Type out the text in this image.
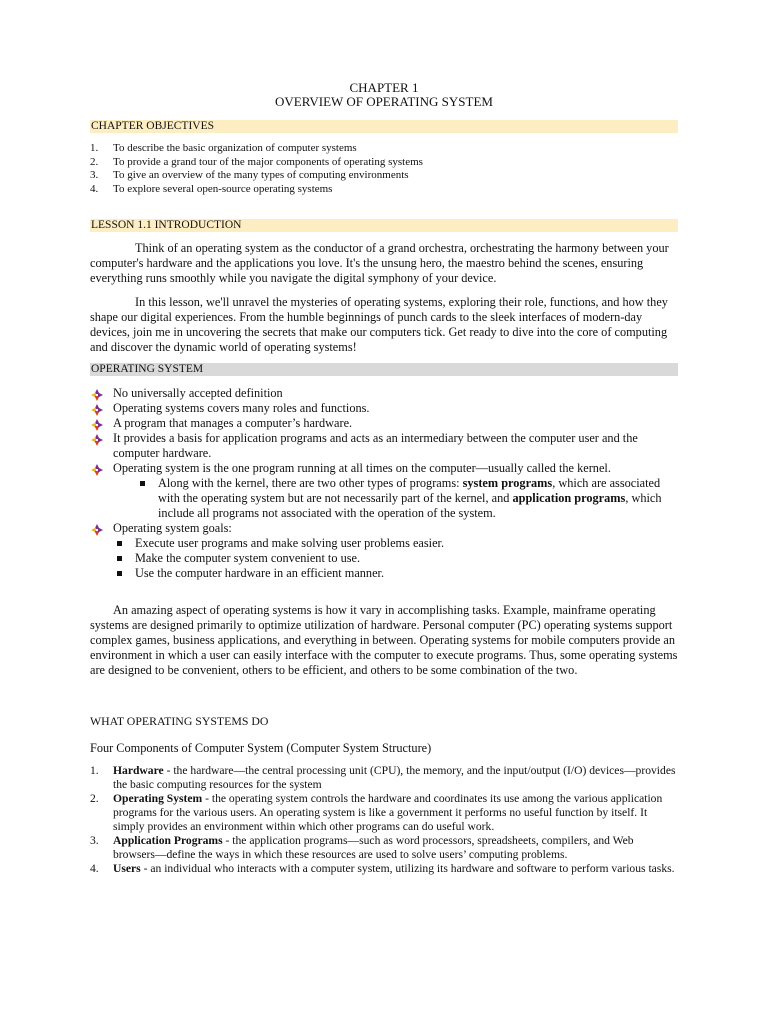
CHAPTER 1
OVERVIEW OF OPERATING SYSTEM
CHAPTER OBJECTIVES
1. To describe the basic organization of computer systems
2. To provide a grand tour of the major components of operating systems
3. To give an overview of the many types of computing environments
4. To explore several open-source operating systems
LESSON 1.1 INTRODUCTION

Think of an operating system as the conductor of a grand orchestra, orchestrating the harmony between your computer's hardware and the applications you love. It's the unsung hero, the maestro behind the scenes, ensuring everything runs smoothly while you navigate the digital symphony of your device.

In this lesson, we'll unravel the mysteries of operating systems, exploring their role, functions, and how they shape our digital experiences. From the humble beginnings of punch cards to the sleek interfaces of modern-day devices, join me in uncovering the secrets that make our computers tick. Get ready to dive into the core of computing and discover the dynamic world of operating systems!

OPERATING SYSTEM
No universally accepted definition
Operating systems covers many roles and functions.
A program that manages a computer’s hardware.
It provides a basis for application programs and acts as an intermediary between the computer user and the computer hardware.
Operating system is the one program running at all times on the computer—usually called the kernel.
Along with the kernel, there are two other types of programs: system programs, which are associated with the operating system but are not necessarily part of the kernel, and application programs, which include all programs not associated with the operation of the system.
Operating system goals:
Execute user programs and make solving user problems easier.
Make the computer system convenient to use.
Use the computer hardware in an efficient manner.

An amazing aspect of operating systems is how it vary in accomplishing tasks. Example, mainframe operating systems are designed primarily to optimize utilization of hardware. Personal computer (PC) operating systems support complex games, business applications, and everything in between. Operating systems for mobile computers provide an environment in which a user can easily interface with the computer to execute programs. Thus, some operating systems are designed to be convenient, others to be efficient, and others to be some combination of the two.

WHAT OPERATING SYSTEMS DO
Four Components of Computer System (Computer System Structure)
1. Hardware - the hardware—the central processing unit (CPU), the memory, and the input/output (I/O) devices—provides the basic computing resources for the system
2. Operating System - the operating system controls the hardware and coordinates its use among the various application programs for the various users. An operating system is like a government it performs no useful function by itself. It simply provides an environment within which other programs can do useful work.
3. Application Programs - the application programs—such as word processors, spreadsheets, compilers, and Web browsers—define the ways in which these resources are used to solve users’ computing problems.
4. Users - an individual who interacts with a computer system, utilizing its hardware and software to perform various tasks.
